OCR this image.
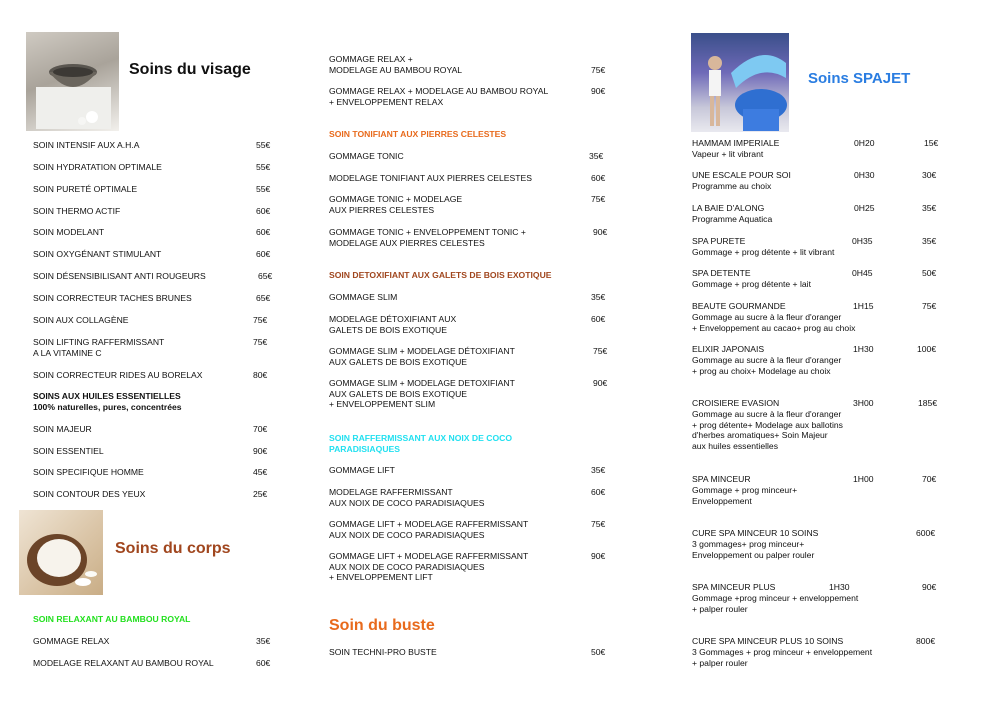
Soins du visage
SOIN INTENSIF AUX A.H.A	55€
SOIN HYDRATATION OPTIMALE	55€
SOIN PURETÉ OPTIMALE	55€
SOIN THERMO ACTIF	60€
SOIN MODELANT	60€
SOIN OXYGÉNANT STIMULANT	60€
SOIN DÉSENSIBILISANT ANTI ROUGEURS	65€
SOIN CORRECTEUR TACHES BRUNES	65€
SOIN AUX COLLAGÈNE	75€
SOIN LIFTING RAFFERMISSANT
A LA VITAMINE C
75€
SOIN CORRECTEUR RIDES AU BORELAX	80€
SOINS AUX HUILES ESSENTIELLES
100% naturelles, pures, concentrées
SOIN MAJEUR	70€
SOIN ESSENTIEL	90€
SOIN SPECIFIQUE HOMME	45€
SOIN CONTOUR DES YEUX	25€
Soins du corps
SOIN RELAXANT AU BAMBOU ROYAL
GOMMAGE RELAX	35€
MODELAGE RELAXANT AU BAMBOU ROYAL	60€
GOMMAGE RELAX +
MODELAGE AU BAMBOU ROYAL	75€
GOMMAGE RELAX + MODELAGE AU BAMBOU ROYAL
+ ENVELOPPEMENT RELAX
90€
SOIN TONIFIANT AUX PIERRES CELESTES
GOMMAGE TONIC	35€
MODELAGE TONIFIANT AUX PIERRES CELESTES	60€
GOMMAGE TONIC + MODELAGE
AUX PIERRES CELESTES
75€
GOMMAGE TONIC + ENVELOPPEMENT TONIC +
MODELAGE AUX PIERRES CELESTES
90€
SOIN DETOXIFIANT AUX GALETS DE BOIS EXOTIQUE
GOMMAGE SLIM	35€
MODELAGE DÉTOXIFIANT AUX
GALETS DE BOIS EXOTIQUE
60€
GOMMAGE SLIM + MODELAGE DÉTOXIFIANT
AUX GALETS DE BOIS EXOTIQUE
75€
GOMMAGE SLIM + MODELAGE DETOXIFIANT
AUX GALETS DE BOIS EXOTIQUE
+ ENVELOPPEMENT SLIM
90€
SOIN RAFFERMISSANT AUX NOIX DE COCO
PARADISIAQUES
GOMMAGE LIFT	35€
MODELAGE RAFFERMISSANT
AUX NOIX DE COCO PARADISIAQUES
60€
GOMMAGE LIFT + MODELAGE RAFFERMISSANT
AUX NOIX DE COCO PARADISIAQUES
75€
GOMMAGE LIFT + MODELAGE RAFFERMISSANT
AUX NOIX DE COCO PARADISIAQUES
+ ENVELOPPEMENT LIFT
90€
Soin du buste
SOIN TECHNI-PRO BUSTE	50€
Soins SPAJET
HAMMAM IMPERIALE	0H20	15€
Vapeur + lit vibrant
UNE ESCALE POUR SOI	0H30	30€
Programme au choix
LA BAIE D'ALONG	0H25	35€
Programme Aquatica
SPA PURETE	0H35	35€
Gommage + prog détente + lit vibrant
SPA DETENTE	0H45	50€
Gommage + prog détente + lait
BEAUTE GOURMANDE	1H15	75€
Gommage au sucre à la fleur d'oranger
+ Enveloppement au cacao+ prog au choix
ELIXIR JAPONAIS	1H30	100€
Gommage au sucre à la fleur d'oranger
+ prog au choix+ Modelage au choix
CROISIERE EVASION	3H00	185€
Gommage au sucre à la fleur d'oranger
+ prog détente+ Modelage aux ballotins
d'herbes aromatiques+ Soin Majeur
aux huiles essentielles
SPA MINCEUR	1H00	70€
Gommage + prog minceur+
Enveloppement
CURE SPA MINCEUR 10 SOINS	600€
3 gommages+ prog minceur+
Enveloppement ou palper rouler
SPA MINCEUR PLUS	1H30	90€
Gommage +prog minceur + enveloppement
+ palper rouler
CURE SPA MINCEUR PLUS 10 SOINS	800€
3 Gommages + prog minceur + enveloppement
+ palper rouler
